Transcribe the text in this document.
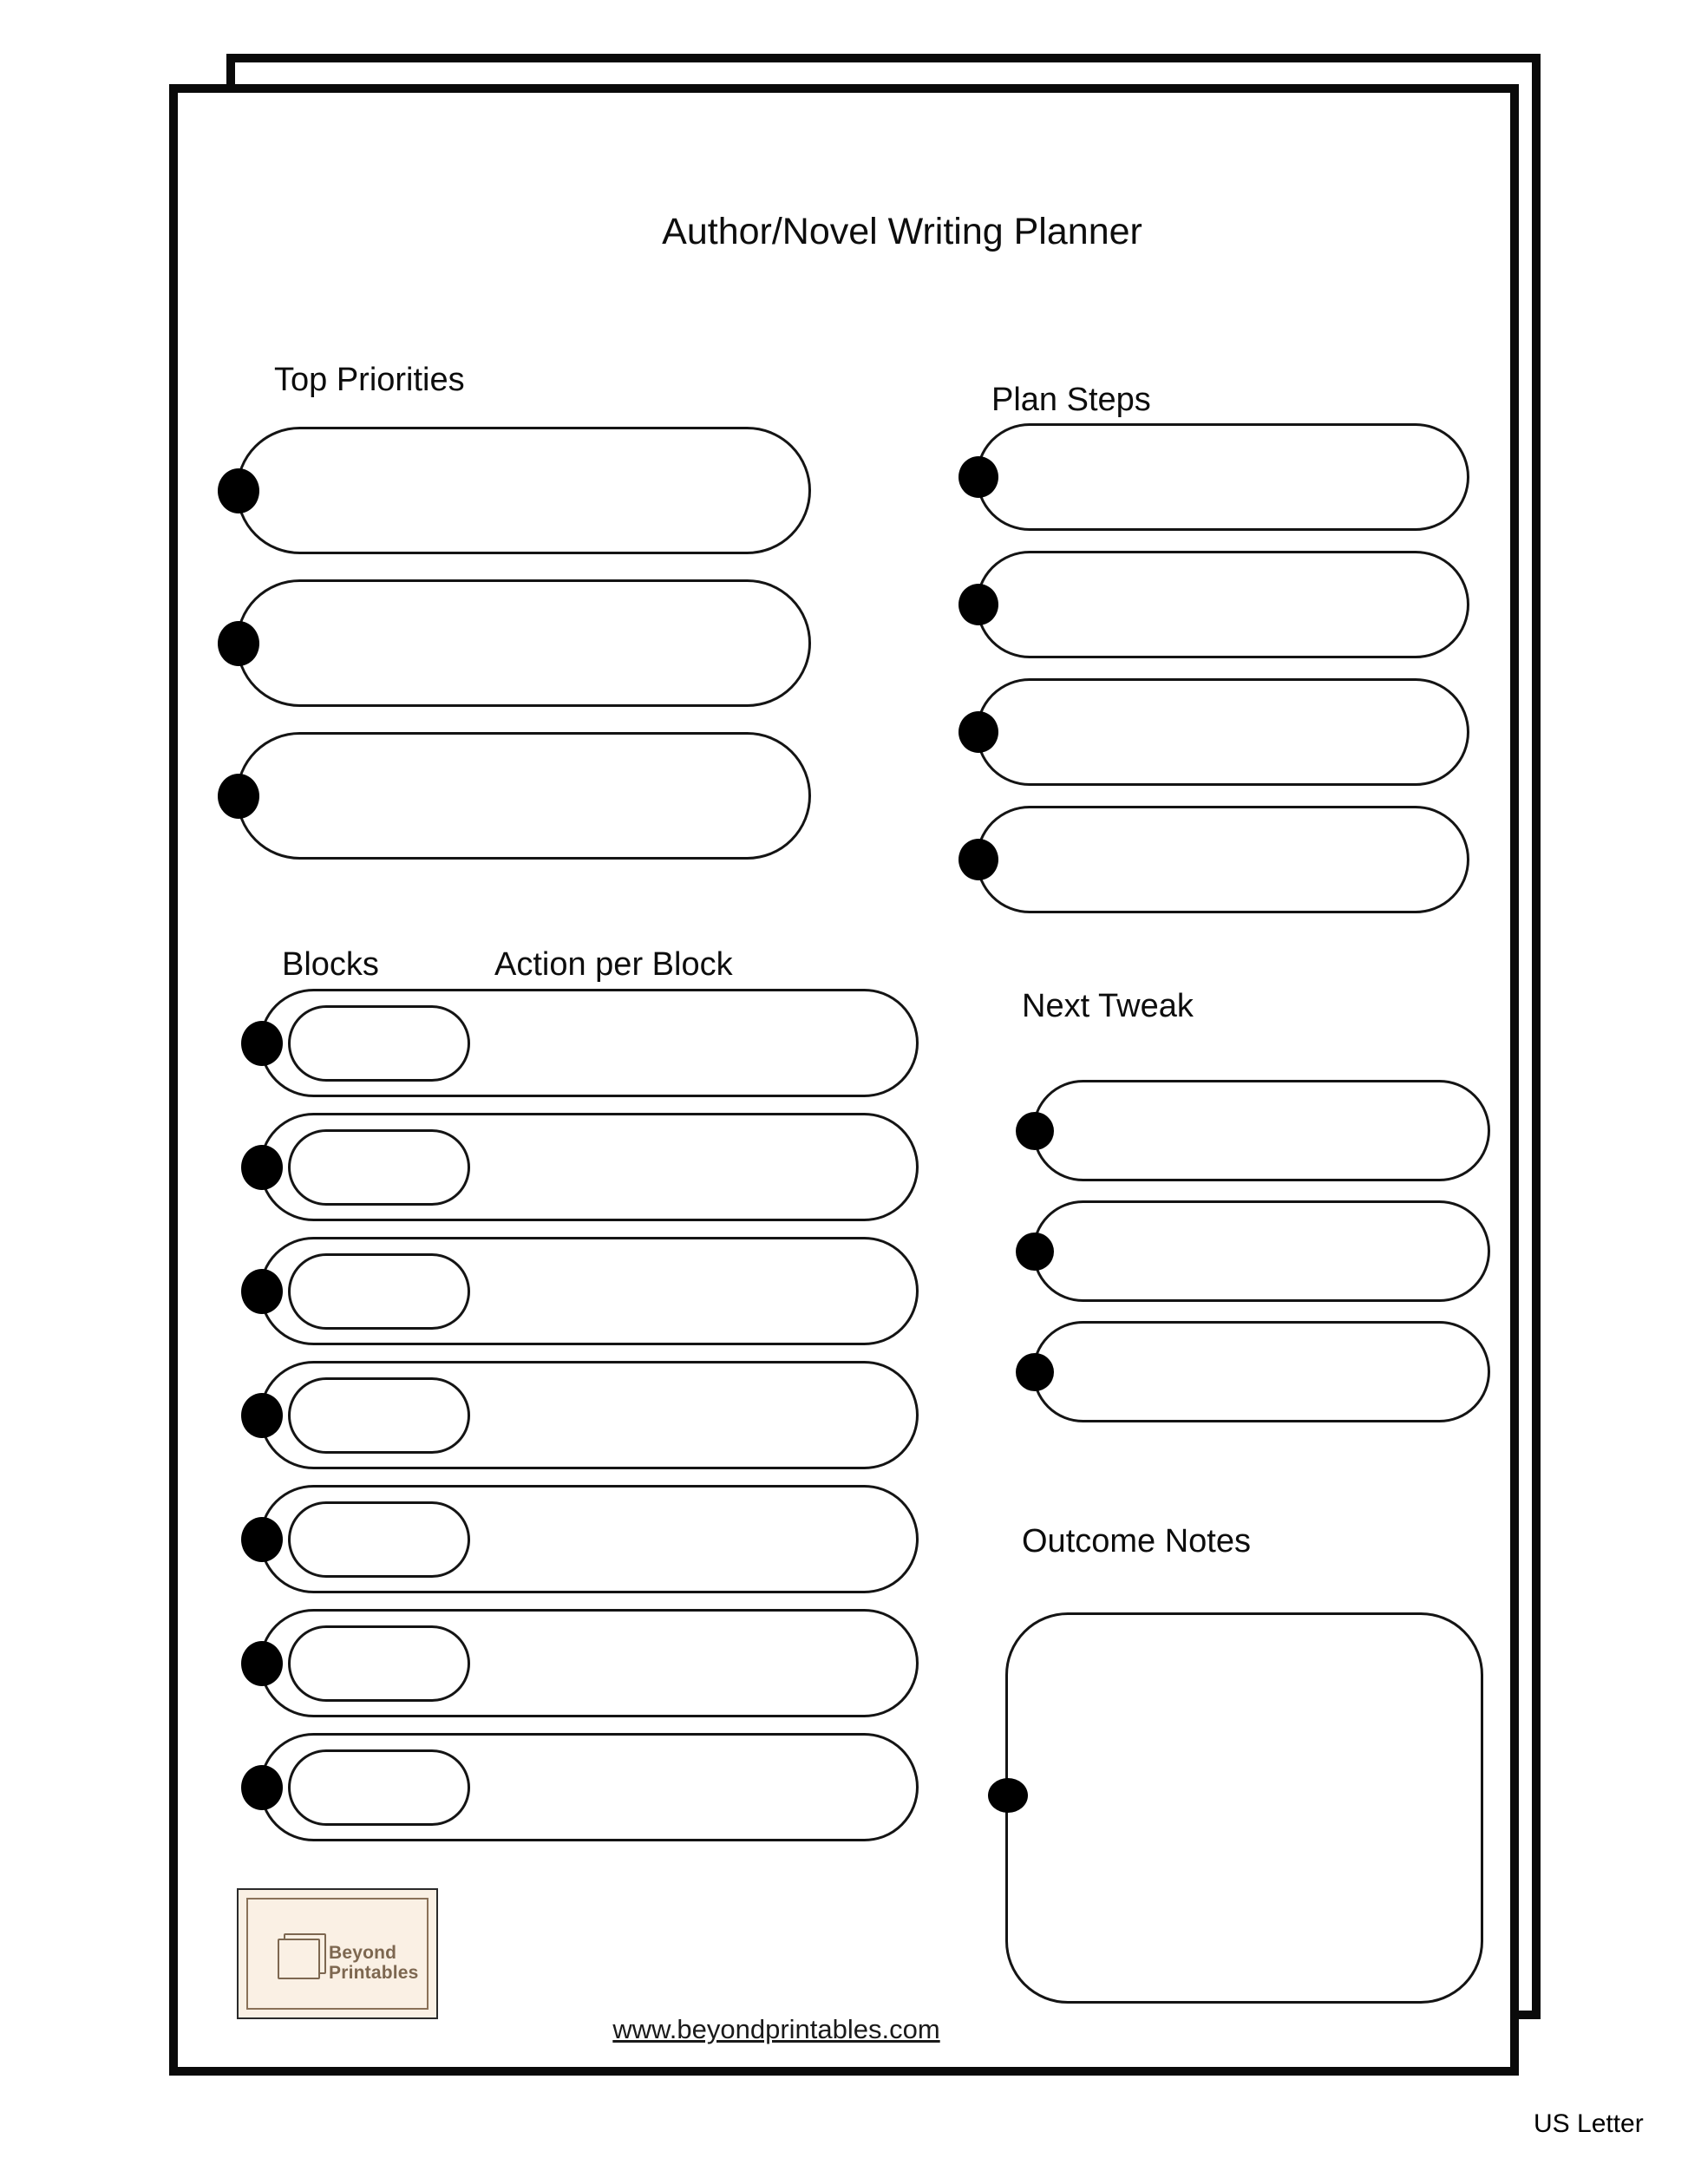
Author/Novel Writing Planner
Top Priorities
Plan Steps
Blocks	Action per Block
Next Tweak
Outcome Notes
Beyond
Printables
www.beyondprintables.com
US Letter
